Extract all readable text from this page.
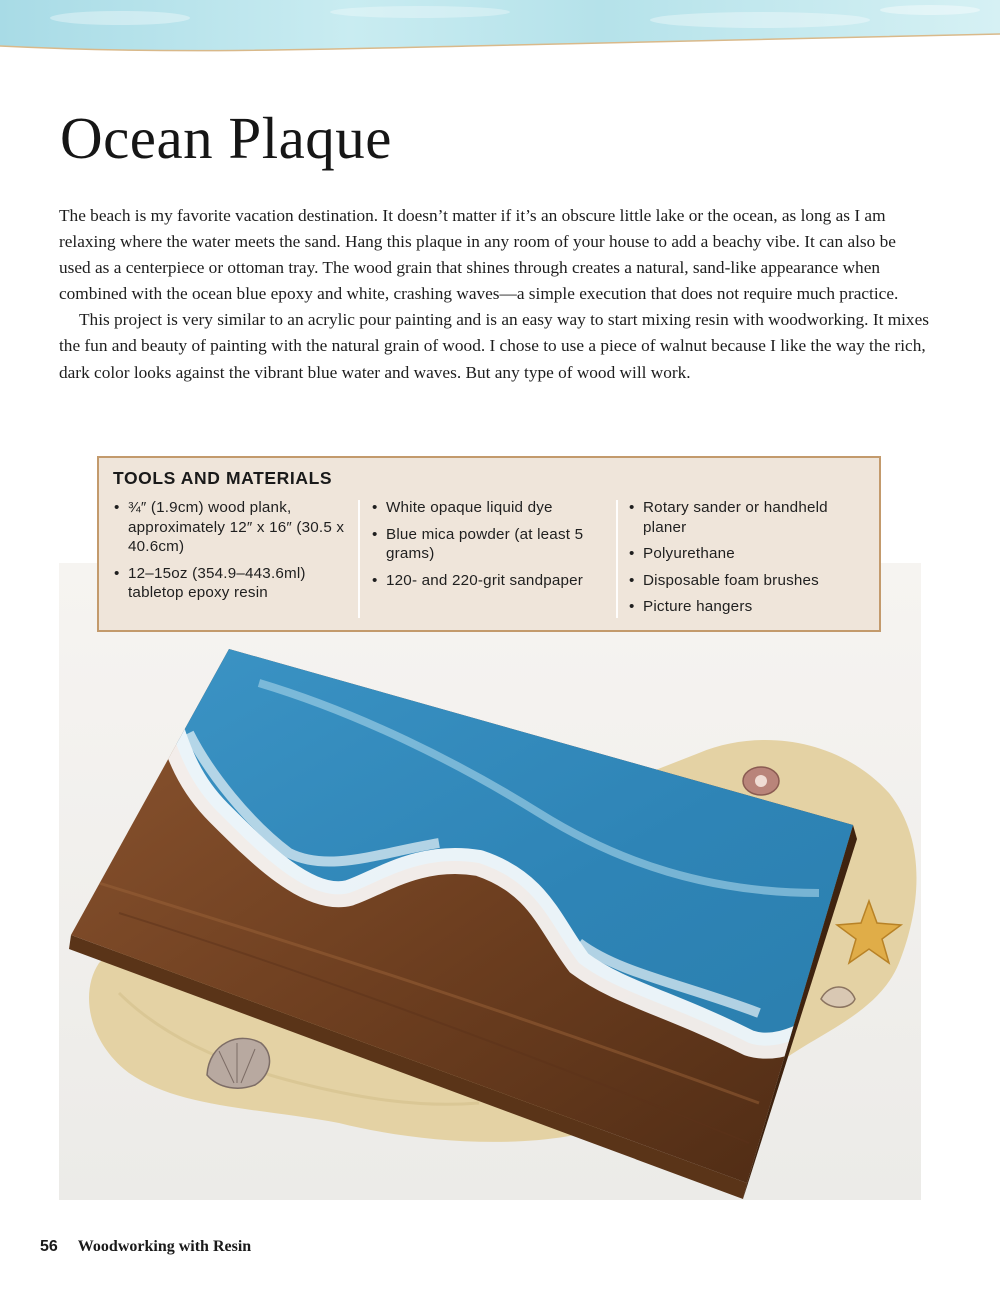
Ocean Plaque

The beach is my favorite vacation destination. It doesn’t matter if it’s an obscure little lake or the ocean, as long as I am relaxing where the water meets the sand. Hang this plaque in any room of your house to add a beachy vibe. It can also be used as a centerpiece or ottoman tray. The wood grain that shines through creates a natural, sand-like appearance when combined with the ocean blue epoxy and white, crashing waves—a simple execution that does not require much practice.

This project is very similar to an acrylic pour painting and is an easy way to start mixing resin with woodworking. It mixes the fun and beauty of painting with the natural grain of wood. I chose to use a piece of walnut because I like the way the rich, dark color looks against the vibrant blue water and waves. But any type of wood will work.

TOOLS AND MATERIALS
• ¾″ (1.9cm) wood plank, approximately 12″ x 16″ (30.5 x 40.6cm)
• 12–15oz (354.9–443.6ml) tabletop epoxy resin
• White opaque liquid dye
• Blue mica powder (at least 5 grams)
• 120- and 220-grit sandpaper
• Rotary sander or handheld planer
• Polyurethane
• Disposable foam brushes
• Picture hangers
56 Woodworking with Resin
